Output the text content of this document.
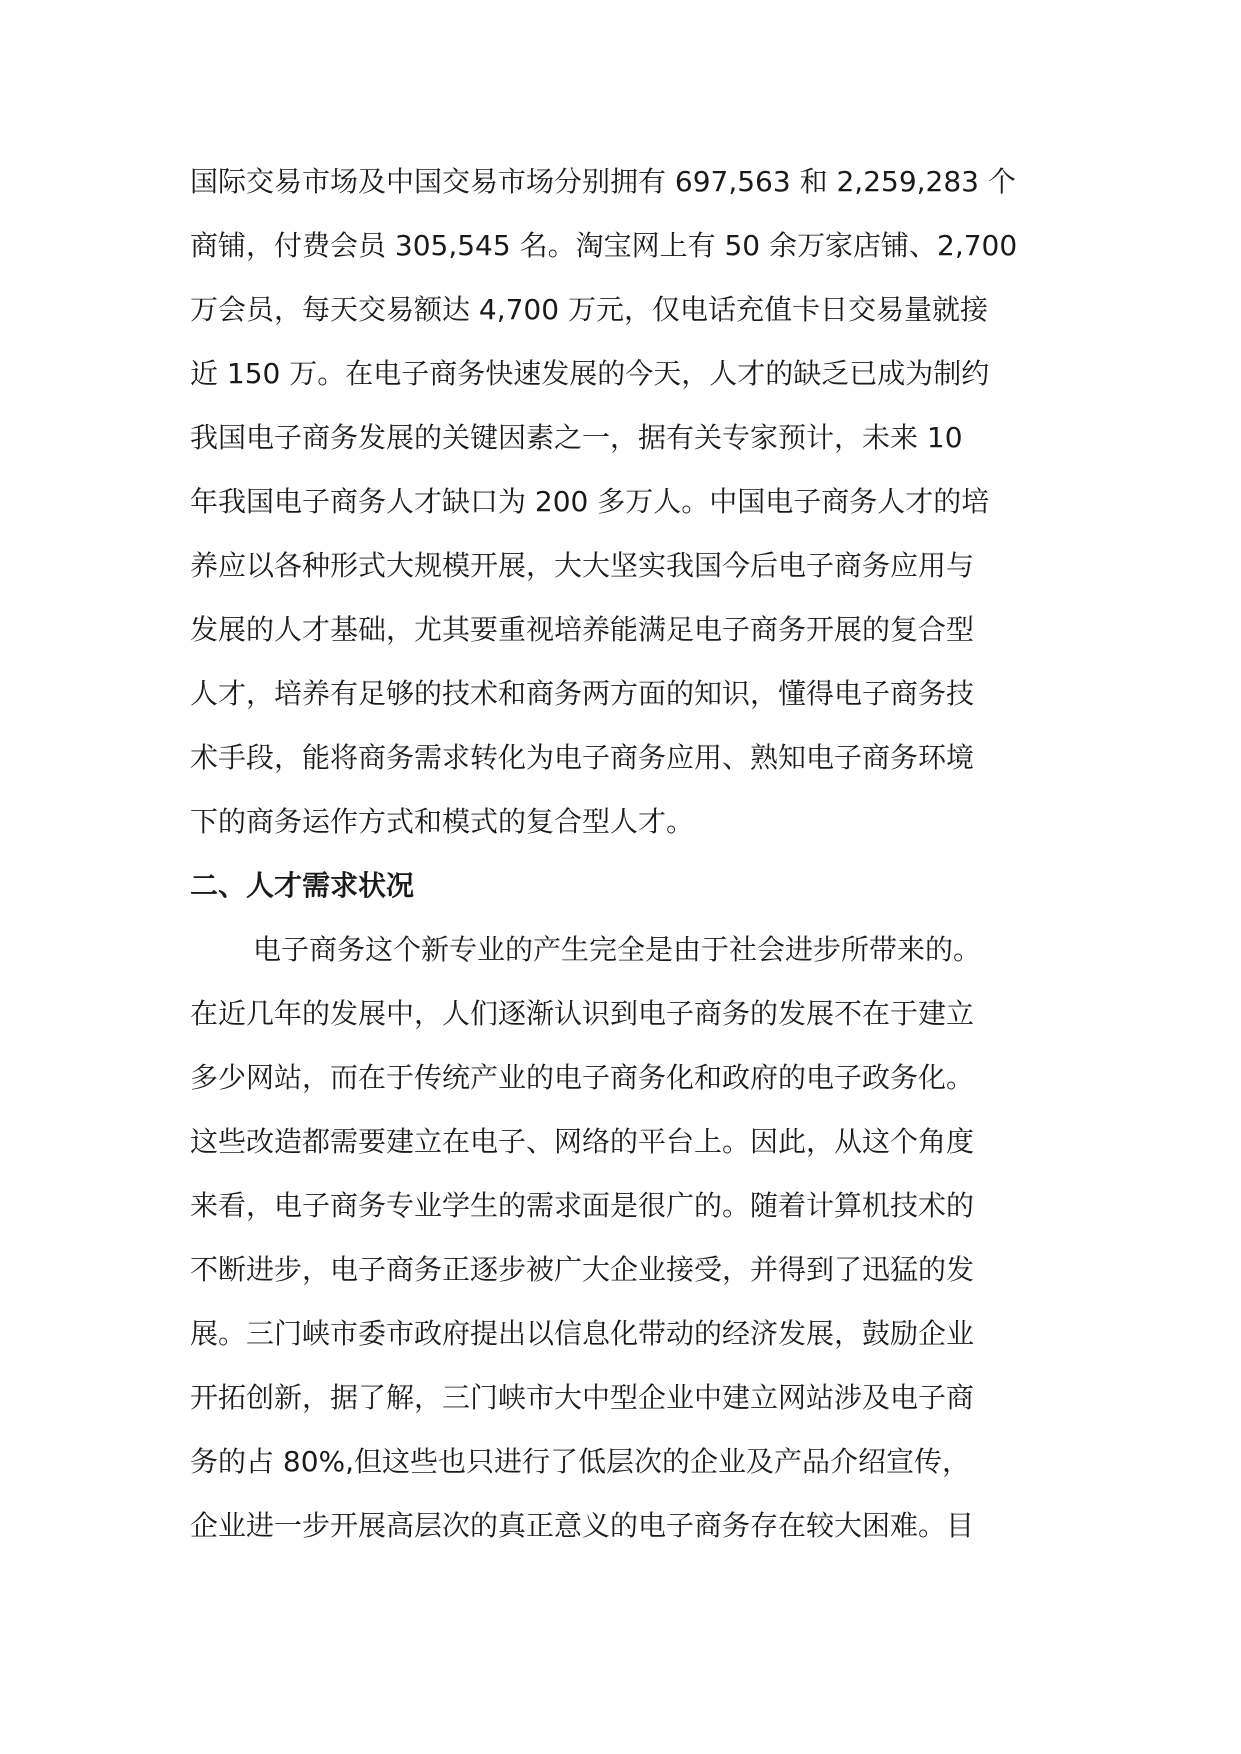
国际交易市场及中国交易市场分别拥有 697,563 和 2,259,283 个
商铺，付费会员 305,545 名。淘宝网上有 50 余万家店铺、2,700
万会员，每天交易额达 4,700 万元，仅电话充值卡日交易量就接
近 150 万。在电子商务快速发展的今天，人才的缺乏已成为制约
我国电子商务发展的关键因素之一，据有关专家预计，未来 10
年我国电子商务人才缺口为 200 多万人。中国电子商务人才的培
养应以各种形式大规模开展，大大坚实我国今后电子商务应用与
发展的人才基础，尤其要重视培养能满足电子商务开展的复合型
人才，培养有足够的技术和商务两方面的知识，懂得电子商务技
术手段，能将商务需求转化为电子商务应用、熟知电子商务环境
下的商务运作方式和模式的复合型人才。
二、人才需求状况
电子商务这个新专业的产生完全是由于社会进步所带来的。
在近几年的发展中，人们逐渐认识到电子商务的发展不在于建立
多少网站，而在于传统产业的电子商务化和政府的电子政务化。
这些改造都需要建立在电子、网络的平台上。因此，从这个角度
来看，电子商务专业学生的需求面是很广的。随着计算机技术的
不断进步，电子商务正逐步被广大企业接受，并得到了迅猛的发
展。三门峡市委市政府提出以信息化带动的经济发展，鼓励企业
开拓创新，据了解，三门峡市大中型企业中建立网站涉及电子商
务的占 80%,但这些也只进行了低层次的企业及产品介绍宣传，
企业进一步开展高层次的真正意义的电子商务存在较大困难。目
